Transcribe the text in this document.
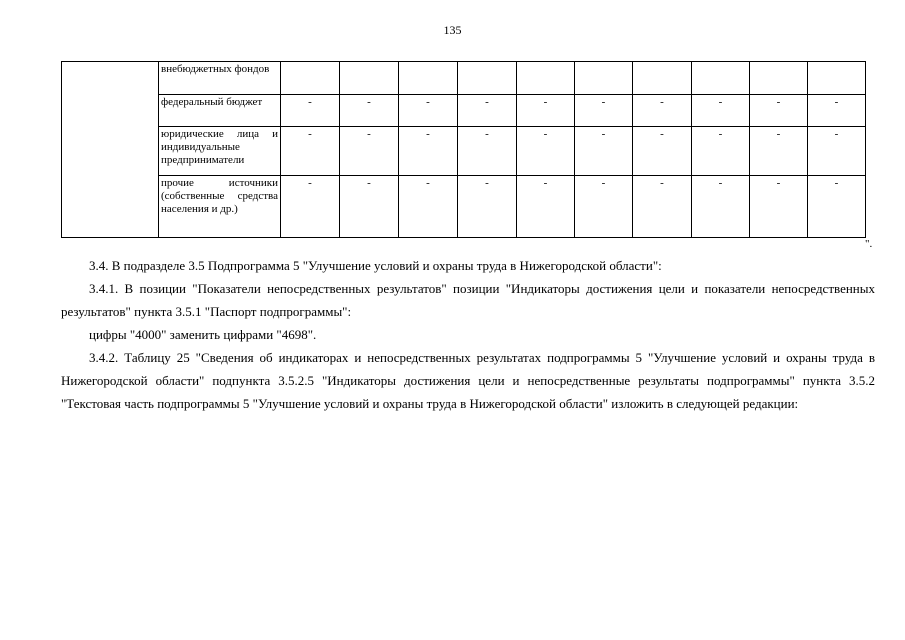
135
	внебюджетных фондов										
	федеральный бюджет	-	-	-	-	-	-	-	-	-	-
	юридические лица и индивидуальные предприниматели	-	-	-	-	-	-	-	-	-	-
	прочие источники (собственные средства населения и др.)	-	-	-	-	-	-	-	-	-	-
".

3.4. В подразделе 3.5 Подпрограмма 5 "Улучшение условий и охраны труда в Нижегородской области":

3.4.1. В позиции "Показатели непосредственных результатов" позиции "Индикаторы достижения цели и показатели непосредственных результатов" пункта 3.5.1 "Паспорт подпрограммы":

цифры "4000" заменить цифрами "4698".

3.4.2. Таблицу 25 "Сведения об индикаторах и непосредственных результатах подпрограммы 5 "Улучшение условий и охраны труда в Нижегородской области" подпункта 3.5.2.5 "Индикаторы достижения цели и непосредственные результаты подпрограммы" пункта 3.5.2 "Текстовая часть подпрограммы 5 "Улучшение условий и охраны труда в Нижегородской области" изложить в следующей редакции:
